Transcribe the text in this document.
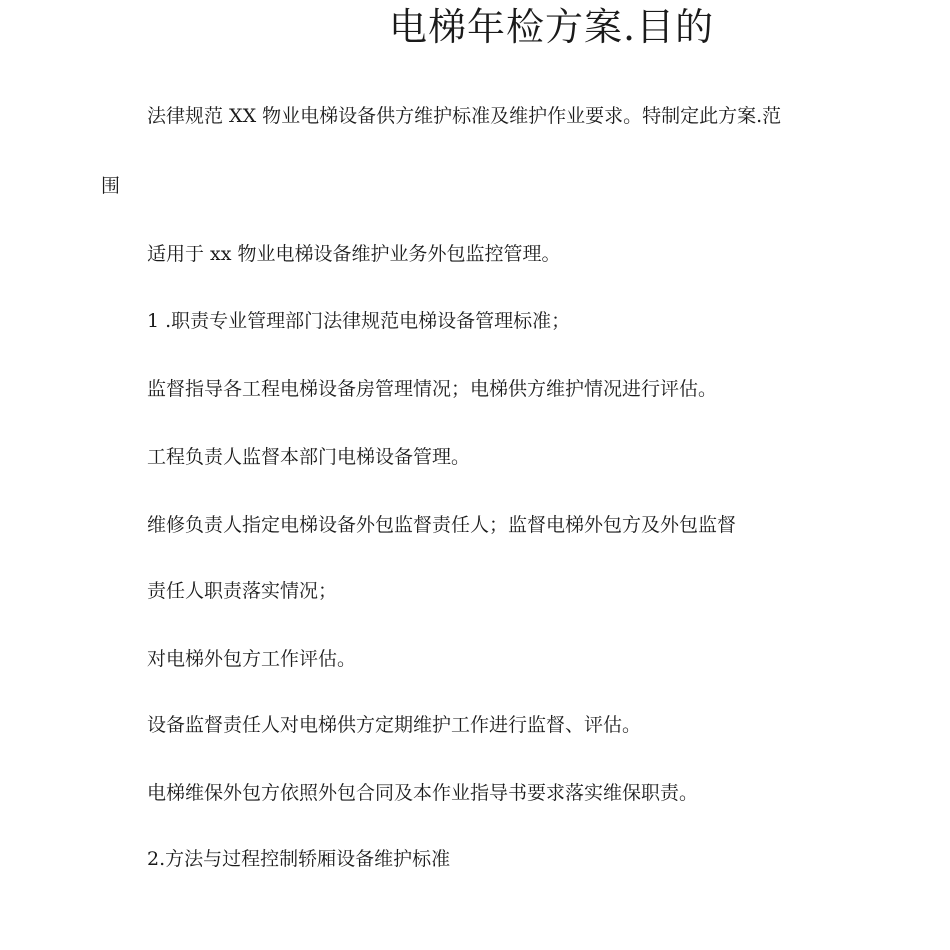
电梯年检方案.目的
法律规范 XX 物业电梯设备供方维护标准及维护作业要求。特制定此方案.范
围
适用于 xx 物业电梯设备维护业务外包监控管理。
1 .职责专业管理部门法律规范电梯设备管理标准；
监督指导各工程电梯设备房管理情况；电梯供方维护情况进行评估。
工程负责人监督本部门电梯设备管理。
维修负责人指定电梯设备外包监督责任人；监督电梯外包方及外包监督
责任人职责落实情况；
对电梯外包方工作评估。
设备监督责任人对电梯供方定期维护工作进行监督、评估。
电梯维保外包方依照外包合同及本作业指导书要求落实维保职责。
2.方法与过程控制轿厢设备维护标准
